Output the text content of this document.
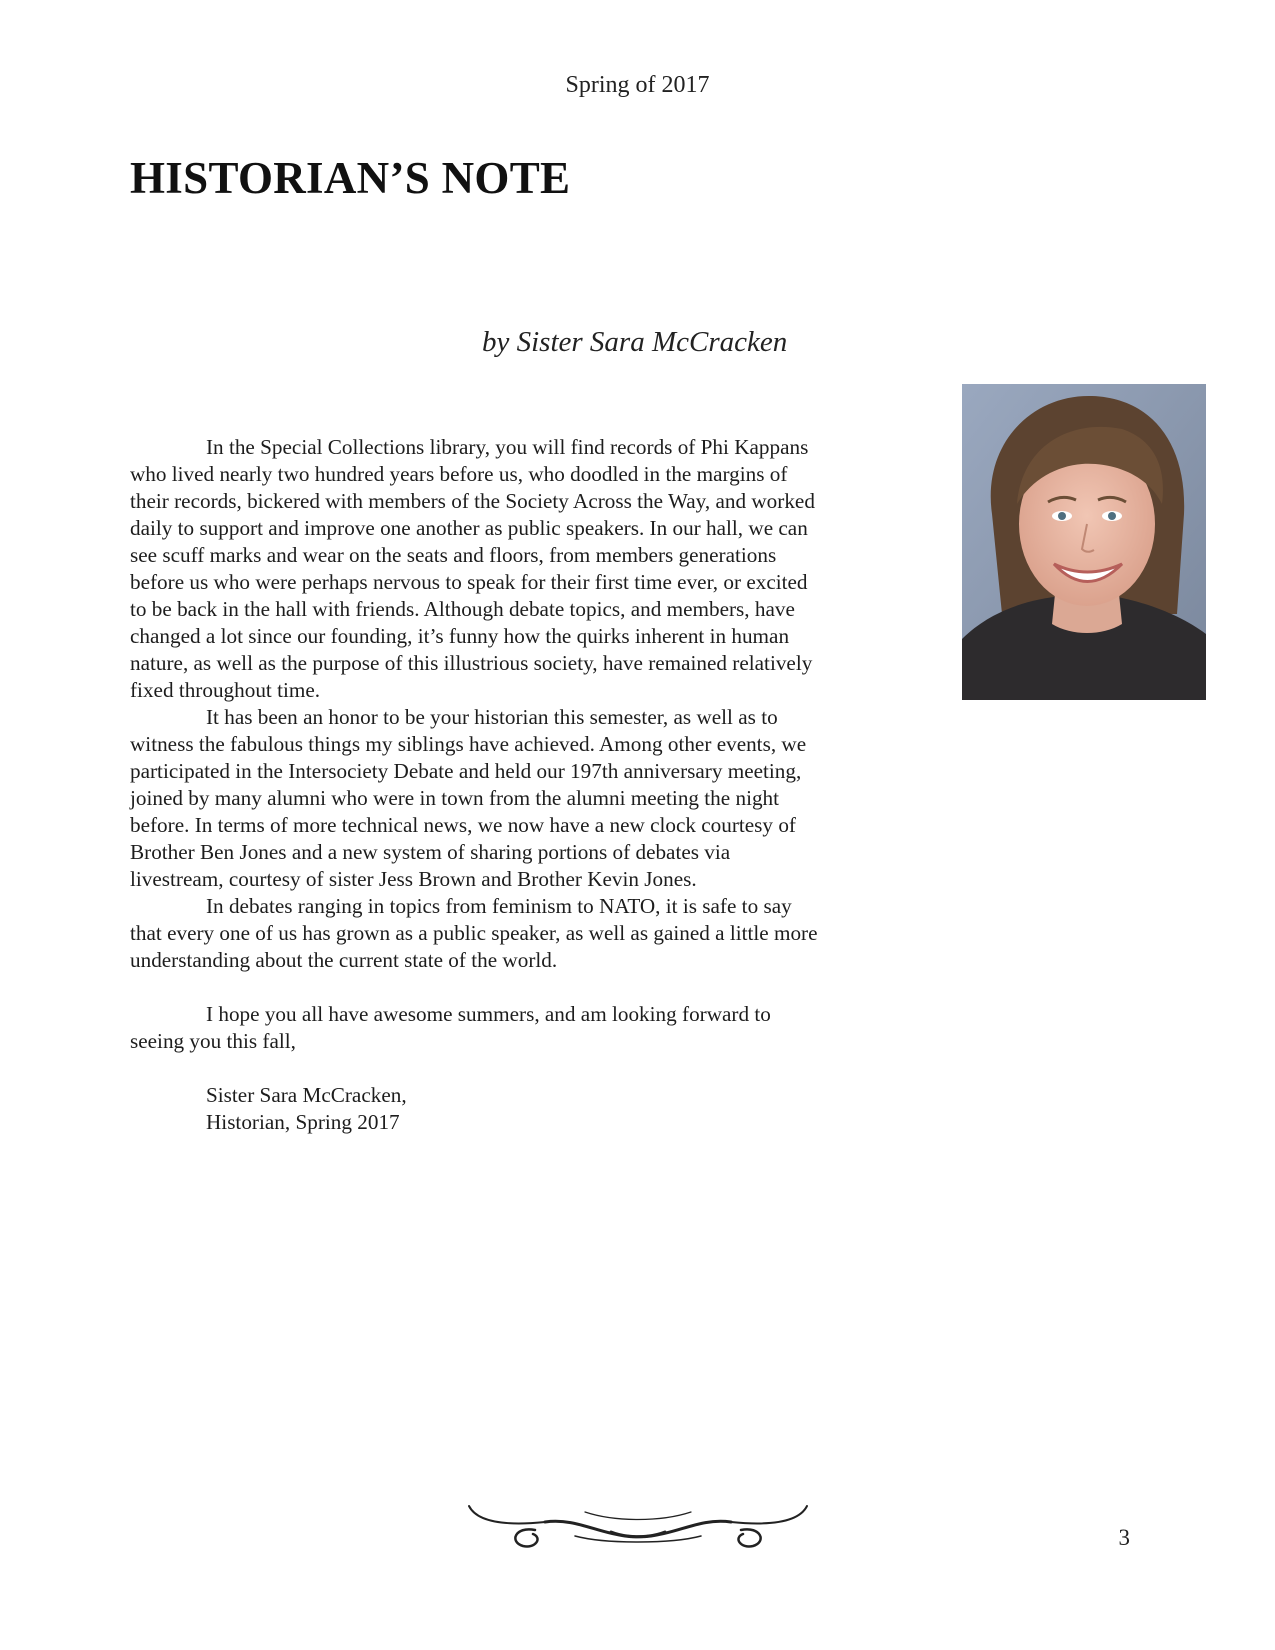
Spring of 2017
HISTORIAN’S NOTE
by Sister Sara McCracken

In the Special Collections library, you will find records of Phi Kappans who lived nearly two hundred years before us, who doodled in the margins of their records, bickered with members of the Society Across the Way, and worked daily to support and improve one another as public speakers. In our hall, we can see scuff marks and wear on the seats and floors, from members generations before us who were perhaps nervous to speak for their first time ever, or excited to be back in the hall with friends. Although debate topics, and members, have changed a lot since our founding, it’s funny how the quirks inherent in human nature, as well as the purpose of this illustrious society, have remained relatively fixed throughout time.

It has been an honor to be your historian this semester, as well as to witness the fabulous things my siblings have achieved. Among other events, we participated in the Intersociety Debate and held our 197th anniversary meeting, joined by many alumni who were in town from the alumni meeting the night before. In terms of more technical news, we now have a new clock courtesy of Brother Ben Jones and a new system of sharing portions of debates via livestream, courtesy of sister Jess Brown and Brother Kevin Jones.

In debates ranging in topics from feminism to NATO, it is safe to say that every one of us has grown as a public speaker, as well as gained a little more understanding about the current state of the world.

I hope you all have awesome summers, and am looking forward to seeing you this fall,

Sister Sara McCracken,
Historian, Spring 2017
3
